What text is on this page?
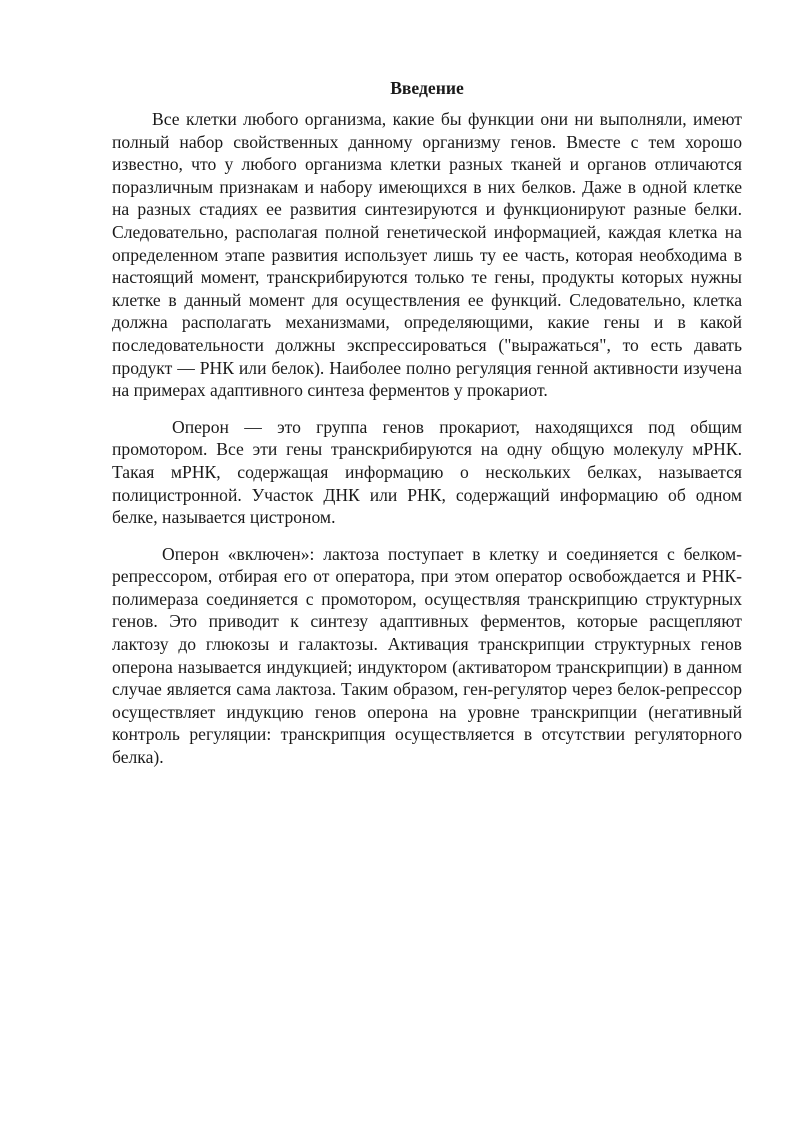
Введение

Все клетки любого организма, какие бы функции они ни выполняли, имеют полный набор свойственных данному организму генов. Вместе с тем хорошо известно, что у любого организма клетки разных тканей и органов отличаются поразличным признакам и набору имеющихся в них белков. Даже в одной клетке на разных стадиях ее развития синтезируются и функционируют разные белки. Следовательно, располагая полной генетической информацией, каждая клетка на определенном этапе развития использует лишь ту ее часть, которая необходима в настоящий момент, транскрибируются только те гены, продукты которых нужны клетке в данный момент для осуществления ее функций. Следовательно, клетка должна располагать механизмами, определяющими, какие гены и в какой последовательности должны экспрессироваться ("выражаться", то есть давать продукт — РНК или белок). Наиболее полно регуляция генной активности изучена на примерах адаптивного синтеза ферментов у прокариот.

Оперон — это группа генов прокариот, находящихся под общим промотором. Все эти гены транскрибируются на одну общую молекулу мРНК. Такая мРНК, содержащая информацию о нескольких белках, называется полицистронной. Участок ДНК или РНК, содержащий информацию об одном белке, называется цистроном.

Оперон «включен»: лактоза поступает в клетку и соединяется с белком-репрессором, отбирая его от оператора, при этом оператор освобождается и РНК-полимераза соединяется с промотором, осуществляя транскрипцию структурных генов. Это приводит к синтезу адаптивных ферментов, которые расщепляют лактозу до глюкозы и галактозы. Активация транскрипции структурных генов оперона называется индукцией; индуктором (активатором транскрипции) в данном случае является сама лактоза. Таким образом, ген-регулятор через белок-репрессор осуществляет индукцию генов оперона на уровне транскрипции (негативный контроль регуляции: транскрипция осуществляется в отсутствии регуляторного белка).
